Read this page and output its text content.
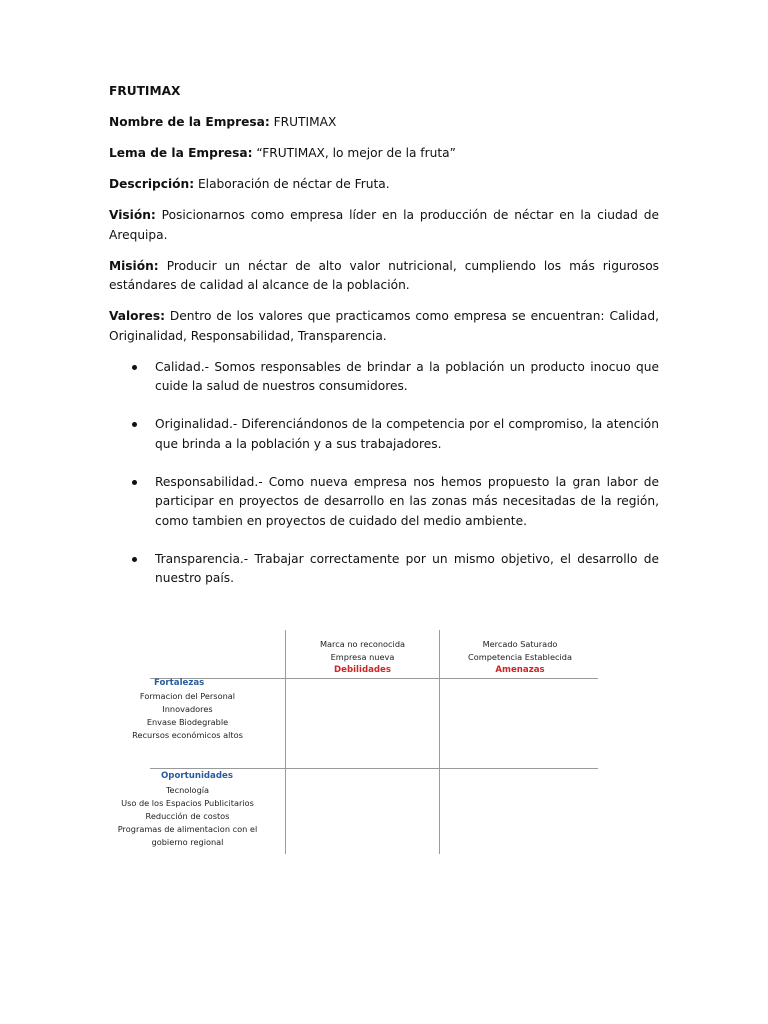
FRUTIMAX

Nombre de la Empresa: FRUTIMAX

Lema de la Empresa: “FRUTIMAX, lo mejor de la fruta”

Descripción: Elaboración de néctar de Fruta.

Visión: Posicionarnos como empresa líder en la producción de néctar en la ciudad de Arequipa.

Misión: Producir un néctar de alto valor nutricional, cumpliendo los más rigurosos estándares de calidad al alcance de la población.

Valores: Dentro de los valores que practicamos como empresa se encuentran: Calidad, Originalidad, Responsabilidad, Transparencia.

Calidad.- Somos responsables de brindar a la población un producto inocuo que cuide la salud de nuestros consumidores.
Originalidad.- Diferenciándonos de la competencia por el compromiso, la atención que brinda a la población y a sus trabajadores.
Responsabilidad.- Como nueva empresa nos hemos propuesto la gran labor de participar en proyectos de desarrollo en las zonas más necesitadas de la región, como tambien en proyectos de cuidado del medio ambiente.
Transparencia.- Trabajar correctamente por un mismo objetivo, el desarrollo de nuestro país.
Marca no reconocida
Empresa nueva
Debilidades
Mercado Saturado
Competencia Establecida
Amenazas
Fortalezas
Formacion del Personal
Innovadores
Envase Biodegrable
Recursos económicos altos
Oportunidades
Tecnología
Uso de los Espacios Publicitarios
Reducción de costos
Programas de alimentacion con el gobierno regional
